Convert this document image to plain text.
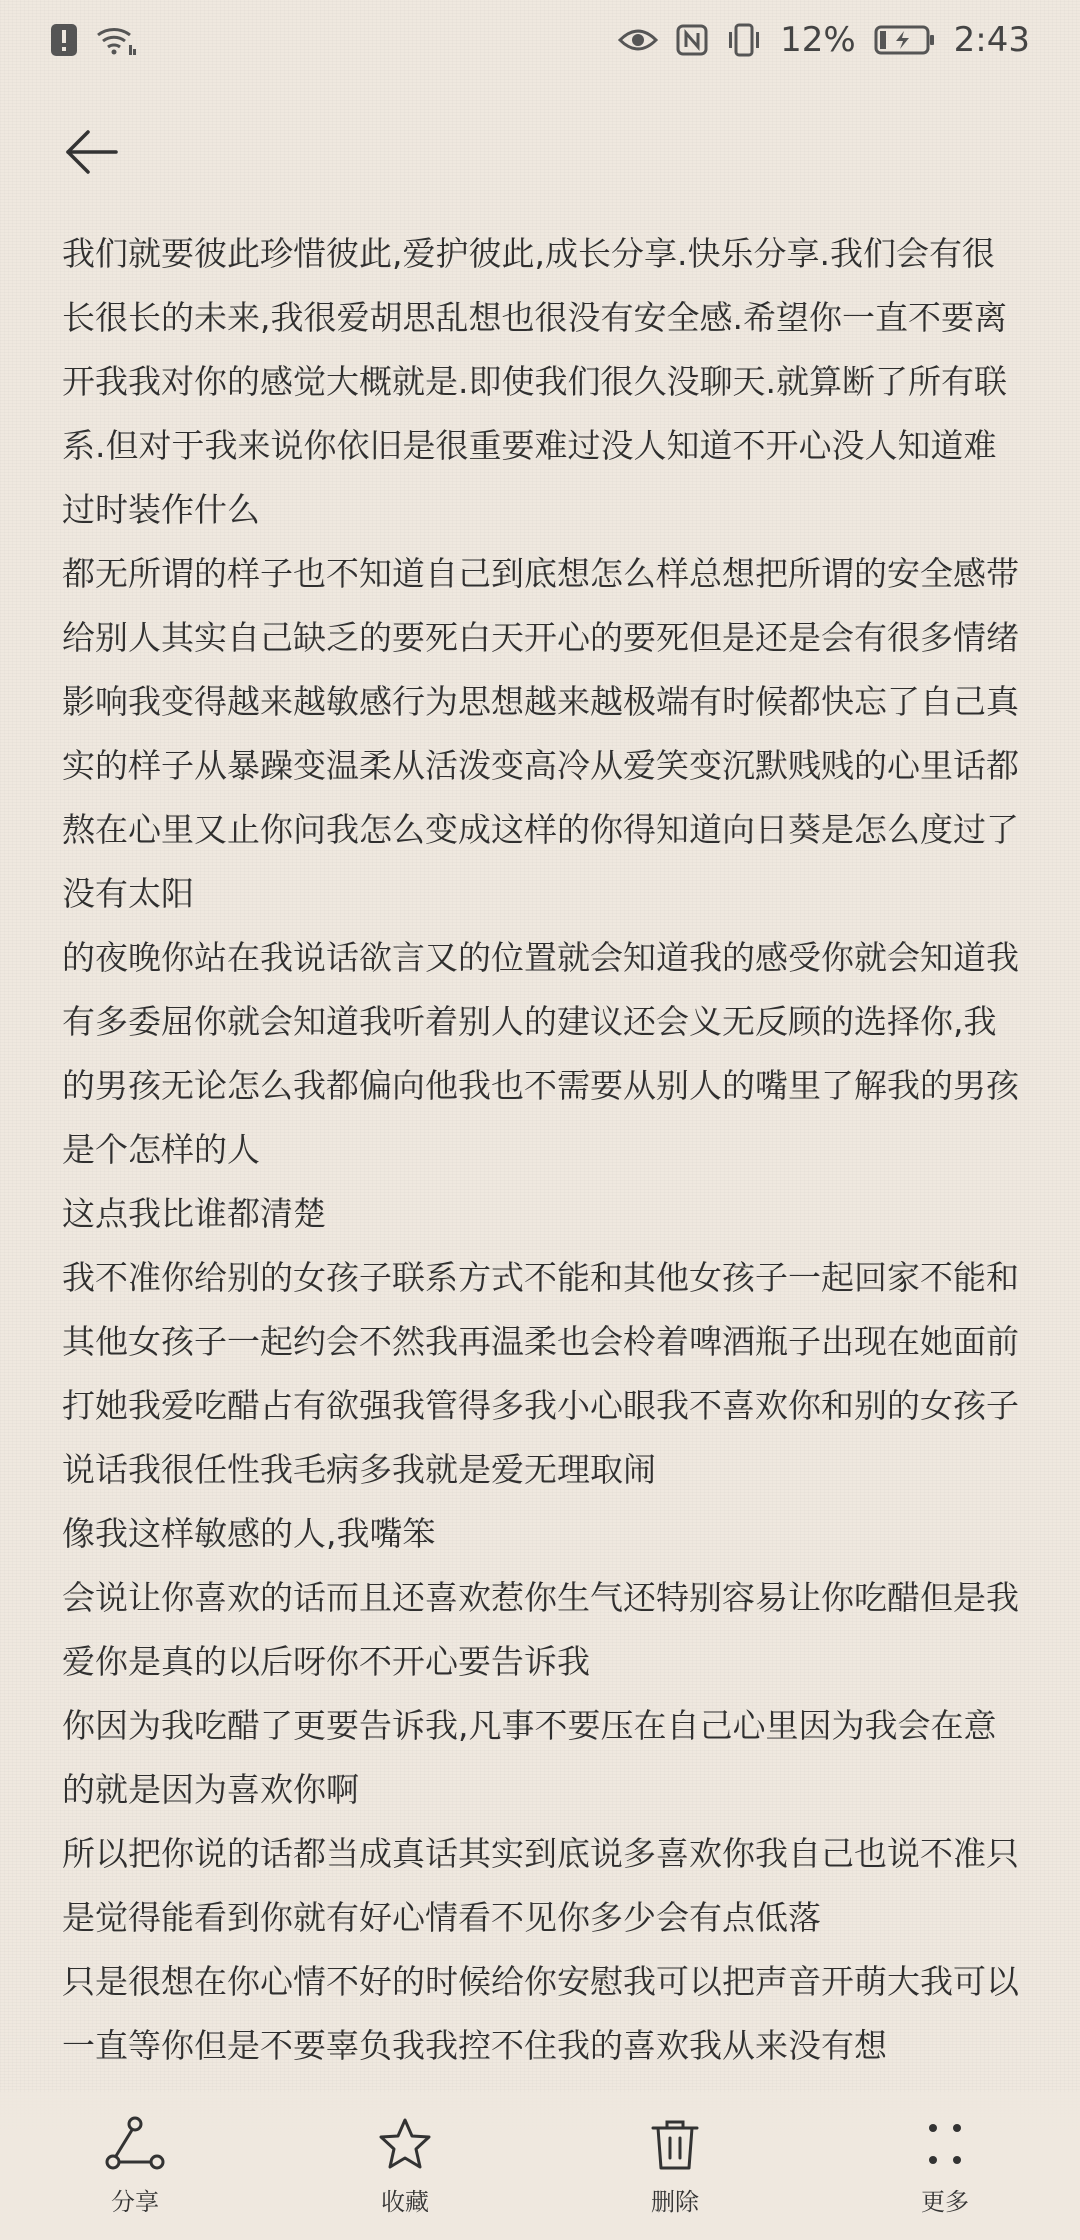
12%	2:43

我们就要彼此珍惜彼此,爱护彼此,成长分享.快乐分享.我们会有很长很长的未来,我很爱胡思乱想也很没有安全感.希望你一直不要离开我我对你的感觉大概就是.即使我们很久没聊天.就算断了所有联系.但对于我来说你依旧是很重要难过没人知道不开心没人知道难过时装作什么

都无所谓的样子也不知道自己到底想怎么样总想把所谓的安全感带给别人其实自己缺乏的要死白天开心的要死但是还是会有很多情绪影响我变得越来越敏感行为思想越来越极端有时候都快忘了自己真实的样子从暴躁变温柔从活泼变高冷从爱笑变沉默贱贱的心里话都熬在心里又止你问我怎么变成这样的你得知道向日葵是怎么度过了没有太阳

的夜晚你站在我说话欲言又的位置就会知道我的感受你就会知道我有多委屈你就会知道我听着别人的建议还会义无反顾的选择你,我的男孩无论怎么我都偏向他我也不需要从别人的嘴里了解我的男孩是个怎样的人

这点我比谁都清楚

我不准你给别的女孩子联系方式不能和其他女孩子一起回家不能和其他女孩子一起约会不然我再温柔也会柃着啤酒瓶子出现在她面前打她我爱吃醋占有欲强我管得多我小心眼我不喜欢你和别的女孩子说话我很任性我毛病多我就是爱无理取闹

像我这样敏感的人,我嘴笨

会说让你喜欢的话而且还喜欢惹你生气还特别容易让你吃醋但是我爱你是真的以后呀你不开心要告诉我

你因为我吃醋了更要告诉我,凡事不要压在自己心里因为我会在意的就是因为喜欢你啊

所以把你说的话都当成真话其实到底说多喜欢你我自己也说不准只是觉得能看到你就有好心情看不见你多少会有点低落

只是很想在你心情不好的时候给你安慰我可以把声音开萌大我可以一直等你但是不要辜负我我控不住我的喜欢我从来没有想

分享	收藏	删除	更多
